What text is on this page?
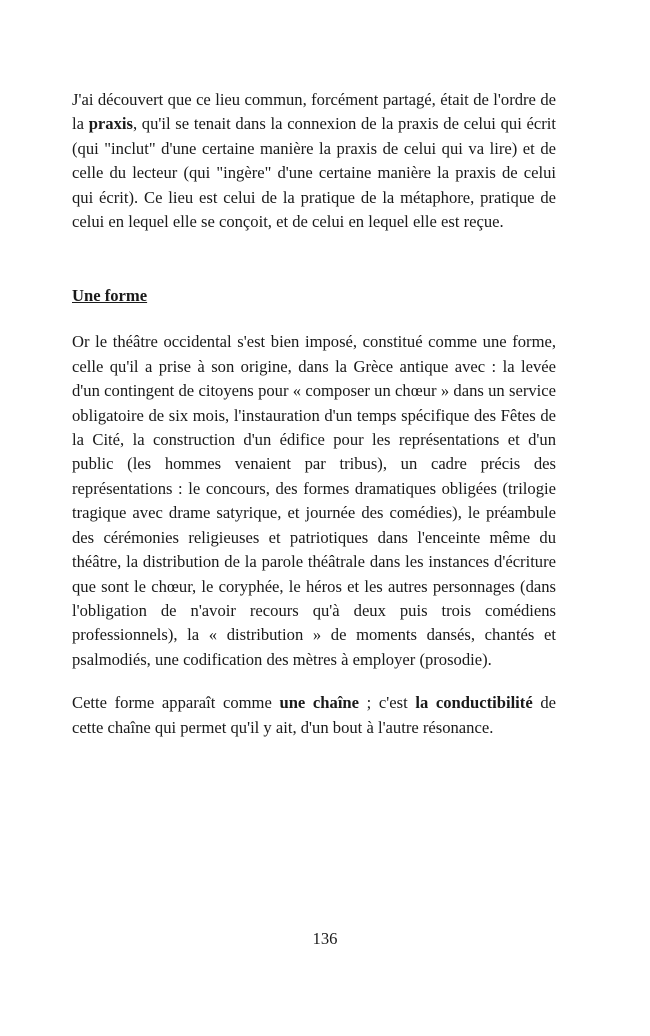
J'ai découvert que ce lieu commun, forcément partagé, était de l'ordre de la praxis, qu'il se tenait dans la connexion de la praxis de celui qui écrit (qui "inclut" d'une certaine manière la praxis de celui qui va lire) et de celle du lecteur (qui "ingère" d'une certaine manière la praxis de celui qui écrit). Ce lieu est celui de la pratique de la métaphore, pratique de celui en lequel elle se conçoit, et de celui en lequel elle est reçue.

Une forme

Or le théâtre occidental s'est bien imposé, constitué comme une forme, celle qu'il a prise à son origine, dans la Grèce antique avec : la levée d'un contingent de citoyens pour « composer un chœur » dans un service obligatoire de six mois, l'instauration d'un temps spécifique des Fêtes de la Cité, la construction d'un édifice pour les représentations et d'un public (les hommes venaient par tribus), un cadre précis des représentations : le concours, des formes dramatiques obligées (trilogie tragique avec drame satyrique, et journée des comédies), le préambule des cérémonies religieuses et patriotiques dans l'enceinte même du théâtre, la distribution de la parole théâtrale dans les instances d'écriture que sont le chœur, le coryphée, le héros et les autres personnages (dans l'obligation de n'avoir recours qu'à deux puis trois comédiens professionnels), la « distribution » de moments dansés, chantés et psalmodiés, une codification des mètres à employer (prosodie).

Cette forme apparaît comme une chaîne ; c'est la conductibilité de cette chaîne qui permet qu'il y ait, d'un bout à l'autre résonance.

136
